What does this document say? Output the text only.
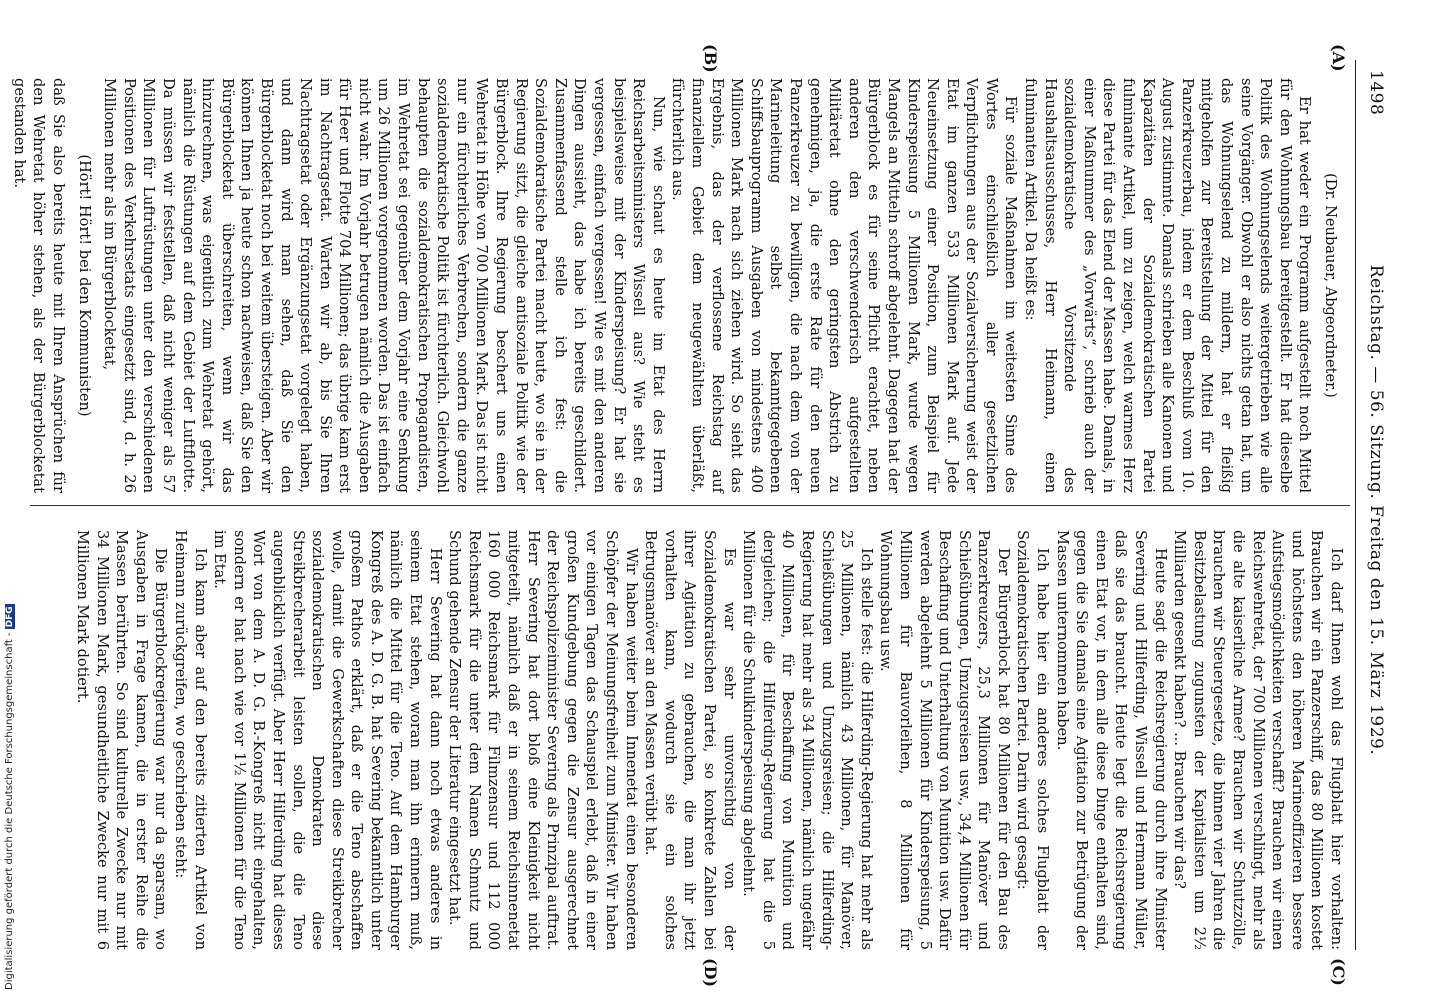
1498
Reichstag. — 56. Sitzung. Freitag den 15. März 1929.
(A)
(B)
(C)
(D)

(Dr. Neubauer, Abgeordneter.)

Er hat weder ein Programm aufgestellt noch Mittel für den Wohnungsbau bereitgestellt. Er hat dieselbe Politik des Wohnungselends weitergetrieben wie alle seine Vorgänger. Obwohl er also nichts getan hat, um das Wohnungselend zu mildern, hat er fleißig mitgeholfen zur Bereitstellung der Mittel für den Panzerkreuzerbau, indem er dem Beschluß vom 10. August zustimmte. Damals schrieben alle Kanonen und Kapazitäten der Sozialdemokratischen Partei fulminante Artikel, um zu zeigen, welch warmes Herz diese Partei für das Elend der Massen habe. Damals, in einer Maßnummer des „Vorwärts“, schrieb auch der sozialdemokratische Vorsitzende des Haushaltsausschusses, Herr Heimann, einen fulminanten Artikel. Da heißt es:

Für soziale Maßnahmen im weitesten Sinne des Wortes einschließlich aller gesetzlichen Verpflichtungen aus der Sozialversicherung weist der Etat im ganzen 533 Millionen Mark auf. Jede Neueinsetzung einer Position, zum Beispiel für Kinderspeisung 5 Millionen Mark, wurde wegen Mangels an Mitteln schroff abgelehnt. Dagegen hat der Bürgerblock es für seine Pflicht erachtet, neben anderen den verschwenderisch aufgestellten Militäretat ohne den geringsten Abstrich zu genehmigen, ja, die erste Rate für den neuen Panzerkreuzer zu bewilligen, die nach dem von der Marineleitung selbst bekanntgegebenen Schiffsbauprogramm Ausgaben von mindestens 400 Millionen Mark nach sich ziehen wird. So sieht das Ergebnis, das der verflossene Reichstag auf finanziellem Gebiet dem neugewählten überläßt, fürchterlich aus.

Nun, wie schaut es heute im Etat des Herrn Reichsarbeitsministers Wissell aus? Wie steht es beispielsweise mit der Kinderspeisung? Er hat sie vergessen, einfach vergessen! Wie es mit den anderen Dingen aussieht, das habe ich bereits geschildert. Zusammenfassend stelle ich fest: die Sozialdemokratische Partei macht heute, wo sie in der Regierung sitzt, die gleiche antisoziale Politik wie der Bürgerblock. Ihre Regierung beschert uns einen Wehretat in Höhe von 700 Millionen Mark. Das ist nicht nur ein fürchterliches Verbrechen, sondern die ganze sozialdemokratische Politik ist fürchterlich. Gleichwohl behaupten die sozialdemokratischen Propagandisten, im Wehretat sei gegenüber dem Vorjahr eine Senkung um 26 Millionen vorgenommen worden. Das ist einfach nicht wahr. Im Vorjahr betrugen nämlich die Ausgaben für Heer und Flotte 704 Millionen; das übrige kam erst im Nachtragsetat. Warten wir ab, bis Sie Ihren Nachtragsetat oder Ergänzungsetat vorgelegt haben, und dann wird man sehen, daß Sie den Bürgerblocketat noch bei weitem übersteigen. Aber wir können Ihnen ja heute schon nachweisen, daß Sie den Bürgerblocketat überschreiten, wenn wir das hinzurechnen, was eigentlich zum Wehretat gehört, nämlich die Rüstungen auf dem Gebiet der Luftflotte. Da müssen wir feststellen, daß nicht weniger als 57 Millionen für Luftrüstungen unter den verschiedenen Positionen des Verkehrsetats eingesetzt sind, d. h. 26 Millionen mehr als im Bürgerblocketat,

(Hört! Hört! bei den Kommunisten)

daß Sie also bereits heute mit Ihren Ansprüchen für den Wehretat höher stehen, als der Bürgerblocketat gestanden hat.

Ich darf Ihnen wohl das Flugblatt hier vorhalten: Brauchen wir ein Panzerschiff, das 80 Millionen kostet und höchstens den höheren Marineoffizieren bessere Aufstiegsmöglichkeiten verschafft? Brauchen wir einen Reichswehretat, der 700 Millionen verschlingt, mehr als die alte kaiserliche Armee? Brauchen wir Schutzzölle, brauchen wir Steuergesetze, die binnen vier Jahren die Besitzbelastung zugunsten der Kapitalisten um 2½ Milliarden gesenkt haben? ... Brauchen wir das?

Heute sagt die Reichsregierung durch ihre Minister Severing und Hilferding, Wissell und Hermann Müller, daß sie das braucht. Heute legt die Reichsregierung einen Etat vor, in dem alle diese Dinge enthalten sind, gegen die Sie damals eine Agitation zur Betrügung der Massen unternommen haben.

Ich habe hier ein anderes solches Flugblatt der Sozialdemokratischen Partei. Darin wird gesagt:

Der Bürgerblock hat 80 Millionen für den Bau des Panzerkreuzers, 25,3 Millionen für Manöver und Schießübungen, Umzugsreisen usw., 34,4 Millionen für Beschaffung und Unterhaltung von Munition usw. Dafür werden abgelehnt 5 Millionen für Kinderspeisung, 5 Millionen für Bauvorleihen, 8 Millionen für Wohnungsbau usw.

Ich stelle fest: die Hilferding-Regierung hat mehr als 25 Millionen, nämlich 43 Millionen, für Manöver, Schießübungen und Umzugsreisen; die Hilferding-Regierung hat mehr als 34 Millionen, nämlich ungefähr 40 Millionen, für Beschaffung von Munition und dergleichen; die Hilferding-Regierung hat die 5 Millionen für die Schulkinderspeisung abgelehnt.

Es war sehr unvorsichtig von der Sozialdemokratischen Partei, so konkrete Zahlen bei ihrer Agitation zu gebrauchen, die man ihr jetzt vorhalten kann, wodurch sie ein solches Betrugsmanöver an den Massen verübt hat.

Wir haben weiter beim Innenetat einen besonderen Schöpfer der Meinungsfreiheit zum Minister. Wir haben vor einigen Tagen das Schauspiel erlebt, daß in einer großen Kundgebung gegen die Zensur ausgerechnet der Reichspolizeiminister Severing als Prinzipal auftrat. Herr Severing hat dort bloß eine Kleinigkeit nicht mitgeteilt, nämlich daß er in seinem Reichsinnenetat 160 000 Reichsmark für Filmzensur und 112 000 Reichsmark für die unter dem Namen Schmutz und Schund gehende Zensur der Literatur eingesetzt hat.

Herr Severing hat dann noch etwas anderes in seinem Etat stehen, woran man ihn erinnern muß, nämlich die Mittel für die Teno. Auf dem Hamburger Kongreß des A. D. G. B. hat Severing bekanntlich unter großem Pathos erklärt, daß er die Teno abschaffen wolle, damit die Gewerkschaften diese Streikbrecher sozialdemokratischen Demokraten diese Streikbrecherarbeit leisten sollen, die die Teno augenblicklich verfügt. Aber Herr Hilferding hat dieses Wort von dem A. D. G. B.-Kongreß nicht eingehalten, sondern er hat nach wie vor 1½ Millionen für die Teno im Etat.

Ich kann aber auf den bereits zitierten Artikel von Heimann zurückgreifen, wo geschrieben steht:

Die Bürgerblockregierung war nur da sparsam, wo Ausgaben in Frage kamen, die in erster Reihe die Massen berührten. So sind kulturelle Zwecke nur mit 34 Millionen Mark, gesundheitliche Zwecke nur mit 6 Millionen Mark dotiert.

Digitalisierung gefördert durch die Deutsche Forschungsgemeinschaft -DFG
